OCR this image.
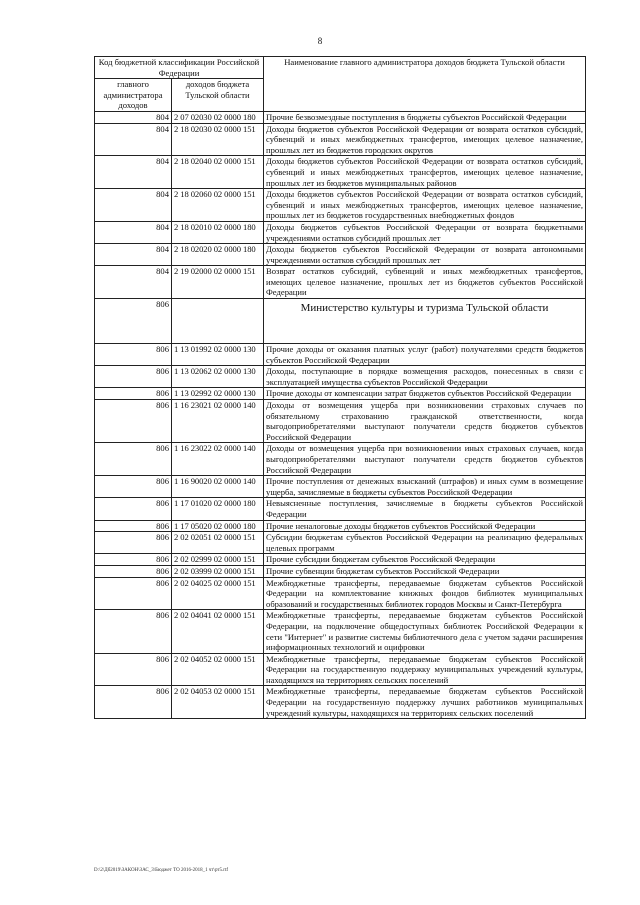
8
Код бюджетной классификации Российской Федерации		Наименование главного администратора доходов бюджета Тульской области
главного администратора доходов	доходов бюджета Тульской области	
804	2 07 02030 02 0000 180	Прочие безвозмездные поступления в бюджеты субъектов Российской Федерации
804	2 18 02030 02 0000 151	Доходы бюджетов субъектов Российской Федерации от возврата остатков субсидий, субвенций и иных межбюджетных трансфертов, имеющих целевое назначение, прошлых лет из бюджетов городских округов
804	2 18 02040 02 0000 151	Доходы бюджетов субъектов Российской Федерации от возврата остатков субсидий, субвенций и иных межбюджетных трансфертов, имеющих целевое назначение, прошлых лет из бюджетов муниципальных районов
804	2 18 02060 02 0000 151	Доходы бюджетов субъектов Российской Федерации от возврата остатков субсидий, субвенций и иных межбюджетных трансфертов, имеющих целевое назначение, прошлых лет из бюджетов государственных внебюджетных фондов
804	2 18 02010 02 0000 180	Доходы бюджетов субъектов Российской Федерации от возврата бюджетными учреждениями остатков субсидий прошлых лет
804	2 18 02020 02 0000 180	Доходы бюджетов субъектов Российской Федерации от возврата автономными учреждениями остатков субсидий прошлых лет
804	2 19 02000 02 0000 151	Возврат остатков субсидий, субвенций и иных межбюджетных трансфертов, имеющих целевое назначение, прошлых лет из бюджетов субъектов Российской Федерации
806		Министерство культуры и туризма Тульской области
806	1 13 01992 02 0000 130	Прочие доходы от оказания платных услуг (работ) получателями средств бюджетов субъектов Российской Федерации
806	1 13 02062 02 0000 130	Доходы, поступающие в порядке возмещения расходов, понесенных в связи с эксплуатацией имущества субъектов Российской Федерации
806	1 13 02992 02 0000 130	Прочие доходы от компенсации затрат бюджетов субъектов Российской Федерации
806	1 16 23021 02 0000 140	Доходы от возмещения ущерба при возникновении страховых случаев по обязательному страхованию гражданской ответственности, когда выгодоприобретателями выступают получатели средств бюджетов субъектов Российской Федерации
806	1 16 23022 02 0000 140	Доходы от возмещения ущерба при возникновении иных страховых случаев, когда выгодоприобретателями выступают получатели средств бюджетов субъектов Российской Федерации
806	1 16 90020 02 0000 140	Прочие поступления от денежных взысканий (штрафов) и иных сумм в возмещение ущерба, зачисляемые в бюджеты субъектов Российской Федерации
806	1 17 01020 02 0000 180	Невыясненные поступления, зачисляемые в бюджеты субъектов Российской Федерации
806	1 17 05020 02 0000 180	Прочие неналоговые доходы бюджетов субъектов Российской Федерации
806	2 02 02051 02 0000 151	Субсидии бюджетам субъектов Российской Федерации на реализацию федеральных целевых программ
806	2 02 02999 02 0000 151	Прочие субсидии бюджетам субъектов Российской Федерации
806	2 02 03999 02 0000 151	Прочие субвенции бюджетам субъектов Российской Федерации
806	2 02 04025 02 0000 151	Межбюджетные трансферты, передаваемые бюджетам субъектов Российской Федерации на комплектование книжных фондов библиотек муниципальных образований и государственных библиотек городов Москвы и Санкт-Петербурга
806	2 02 04041 02 0000 151	Межбюджетные трансферты, передаваемые бюджетам субъектов Российской Федерации, на подключение общедоступных библиотек Российской Федерации к сети "Интернет" и развитие системы библиотечного дела с учетом задачи расширения информационных технологий и оцифровки
806	2 02 04052 02 0000 151	Межбюджетные трансферты, передаваемые бюджетам субъектов Российской Федерации на государственную поддержку муниципальных учреждений культуры, находящихся на территориях сельских поселений
806	2 02 04053 02 0000 151	Межбюджетные трансферты, передаваемые бюджетам субъектов Российской Федерации на государственную поддержку лучших работников муниципальных учреждений культуры, находящихся на территориях сельских поселений
D:\2\Дб2019\ЗАКОН\ЗАС_3\Бюджет ТО 2016-2018_1 чт\рт5.rtf
